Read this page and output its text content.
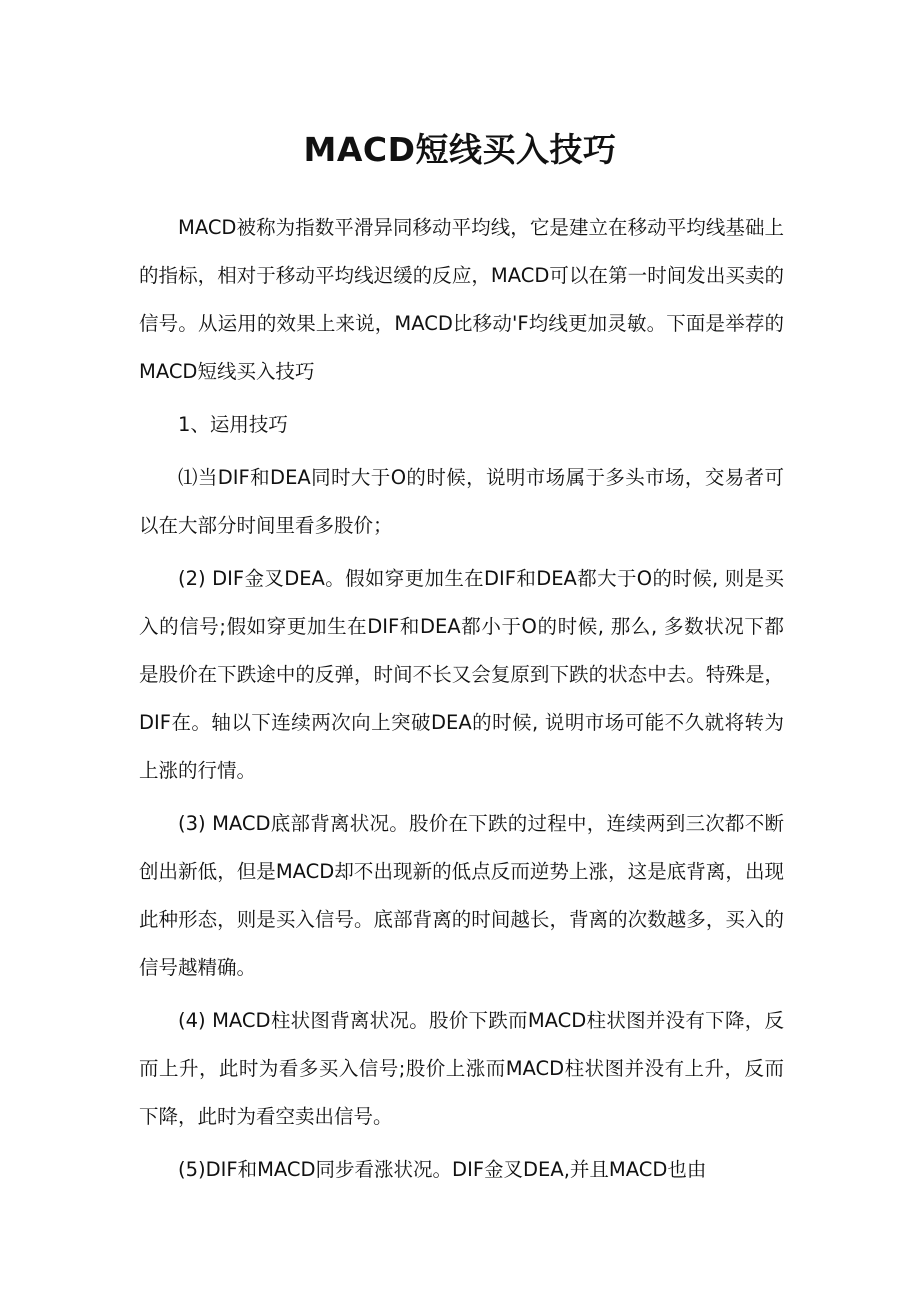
MACD短线买入技巧

MACD被称为指数平滑异同移动平均线，它是建立在移动平均线基础上的指标，相对于移动平均线迟缓的反应，MACD可以在第一时间发出买卖的信号。从运用的效果上来说，MACD比移动'F均线更加灵敏。下面是举荐的MACD短线买入技巧

1、运用技巧

⑴当DIF和DEA同时大于O的时候，说明市场属于多头市场，交易者可以在大部分时间里看多股价；

(2) DIF金叉DEA。假如穿更加生在DIF和DEA都大于O的时候, 则是买入的信号;假如穿更加生在DIF和DEA都小于O的时候, 那么, 多数状况下都是股价在下跌途中的反弹，时间不长又会复原到下跌的状态中去。特殊是，DIF在。轴以下连续两次向上突破DEA的时候, 说明市场可能不久就将转为上涨的行情。

(3) MACD底部背离状况。股价在下跌的过程中，连续两到三次都不断创出新低，但是MACD却不出现新的低点反而逆势上涨，这是底背离，出现此种形态，则是买入信号。底部背离的时间越长，背离的次数越多，买入的信号越精确。

(4) MACD柱状图背离状况。股价下跌而MACD柱状图并没有下降，反而上升，此时为看多买入信号;股价上涨而MACD柱状图并没有上升，反而下降，此时为看空卖出信号。

(5)DIF和MACD同步看涨状况。DIF金叉DEA,并且MACD也由
